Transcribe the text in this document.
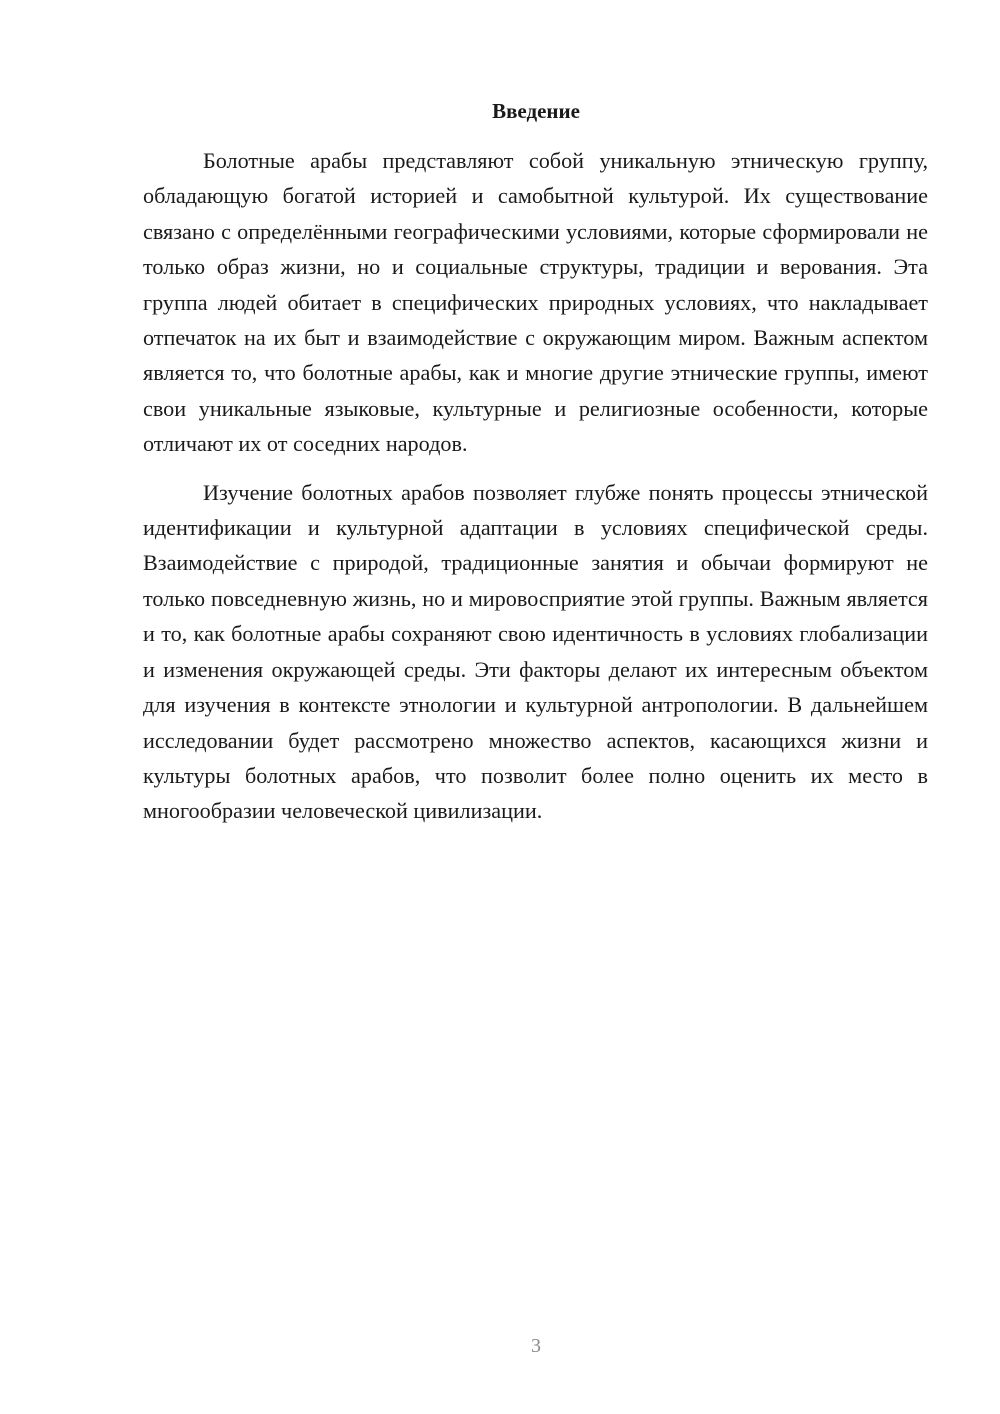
Введение

Болотные арабы представляют собой уникальную этническую группу, обладающую богатой историей и самобытной культурой. Их существование связано с определёнными географическими условиями, которые сформировали не только образ жизни, но и социальные структуры, традиции и верования. Эта группа людей обитает в специфических природных условиях, что накладывает отпечаток на их быт и взаимодействие с окружающим миром. Важным аспектом является то, что болотные арабы, как и многие другие этнические группы, имеют свои уникальные языковые, культурные и религиозные особенности, которые отличают их от соседних народов.

Изучение болотных арабов позволяет глубже понять процессы этнической идентификации и культурной адаптации в условиях специфической среды. Взаимодействие с природой, традиционные занятия и обычаи формируют не только повседневную жизнь, но и мировосприятие этой группы. Важным является и то, как болотные арабы сохраняют свою идентичность в условиях глобализации и изменения окружающей среды. Эти факторы делают их интересным объектом для изучения в контексте этнологии и культурной антропологии. В дальнейшем исследовании будет рассмотрено множество аспектов, касающихся жизни и культуры болотных арабов, что позволит более полно оценить их место в многообразии человеческой цивилизации.

3
